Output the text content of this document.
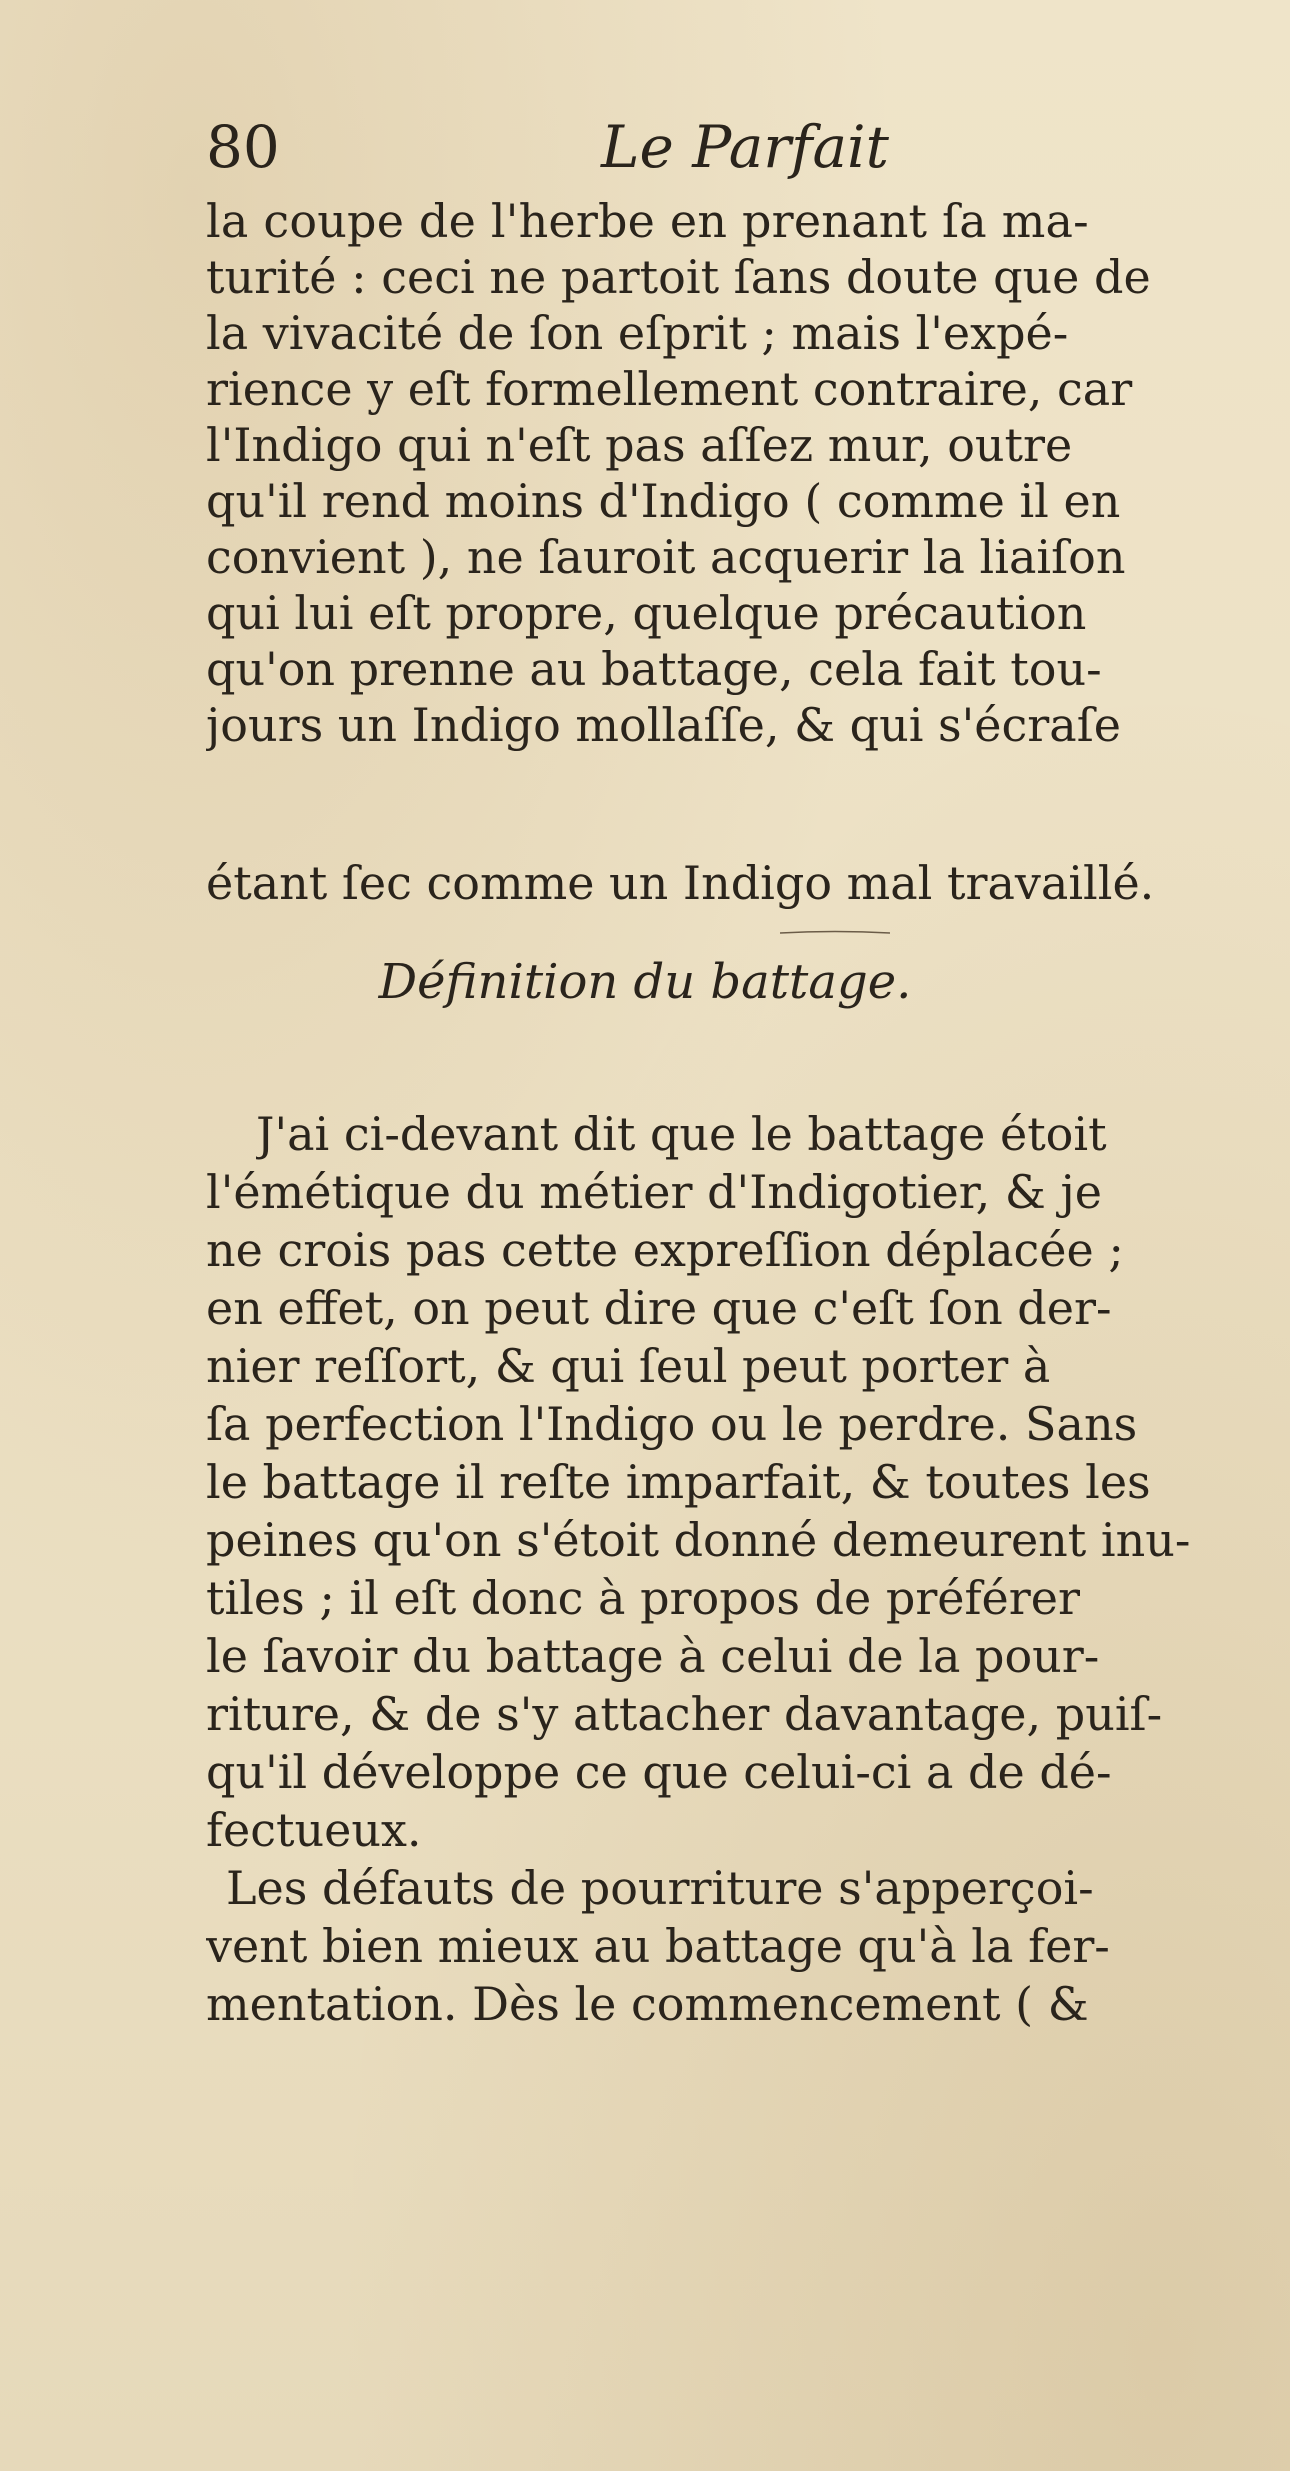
80	Le Parfait
la coupe de l'herbe en prenant ſa ma-
turité : ceci ne partoit ſans doute que de
la vivacité de ſon eſprit ; mais l'expé-
rience y eſt formellement contraire, car
l'Indigo qui n'eſt pas aſſez mur, outre
qu'il rend moins d'Indigo ( comme il en
convient ), ne ſauroit acquerir la liaiſon
qui lui eſt propre, quelque précaution
qu'on prenne au battage, cela fait tou-
jours un Indigo mollaſſe, & qui s'écraſe
étant ſec comme un Indigo mal travaillé.
Définition du battage.
J'ai ci-devant dit que le battage étoit
l'émétique du métier d'Indigotier, & je
ne crois pas cette expreſſion déplacée ;
en effet, on peut dire que c'eſt ſon der-
nier reſſort, & qui ſeul peut porter à
ſa perfection l'Indigo ou le perdre. Sans
le battage il reſte imparfait, & toutes les
peines qu'on s'étoit donné demeurent inu-
tiles ; il eſt donc à propos de préférer
le ſavoir du battage à celui de la pour-
riture, & de s'y attacher davantage, puiſ-
qu'il développe ce que celui-ci a de dé-
fectueux.
Les défauts de pourriture s'apperçoi-
vent bien mieux au battage qu'à la fer-
mentation. Dès le commencement ( &
